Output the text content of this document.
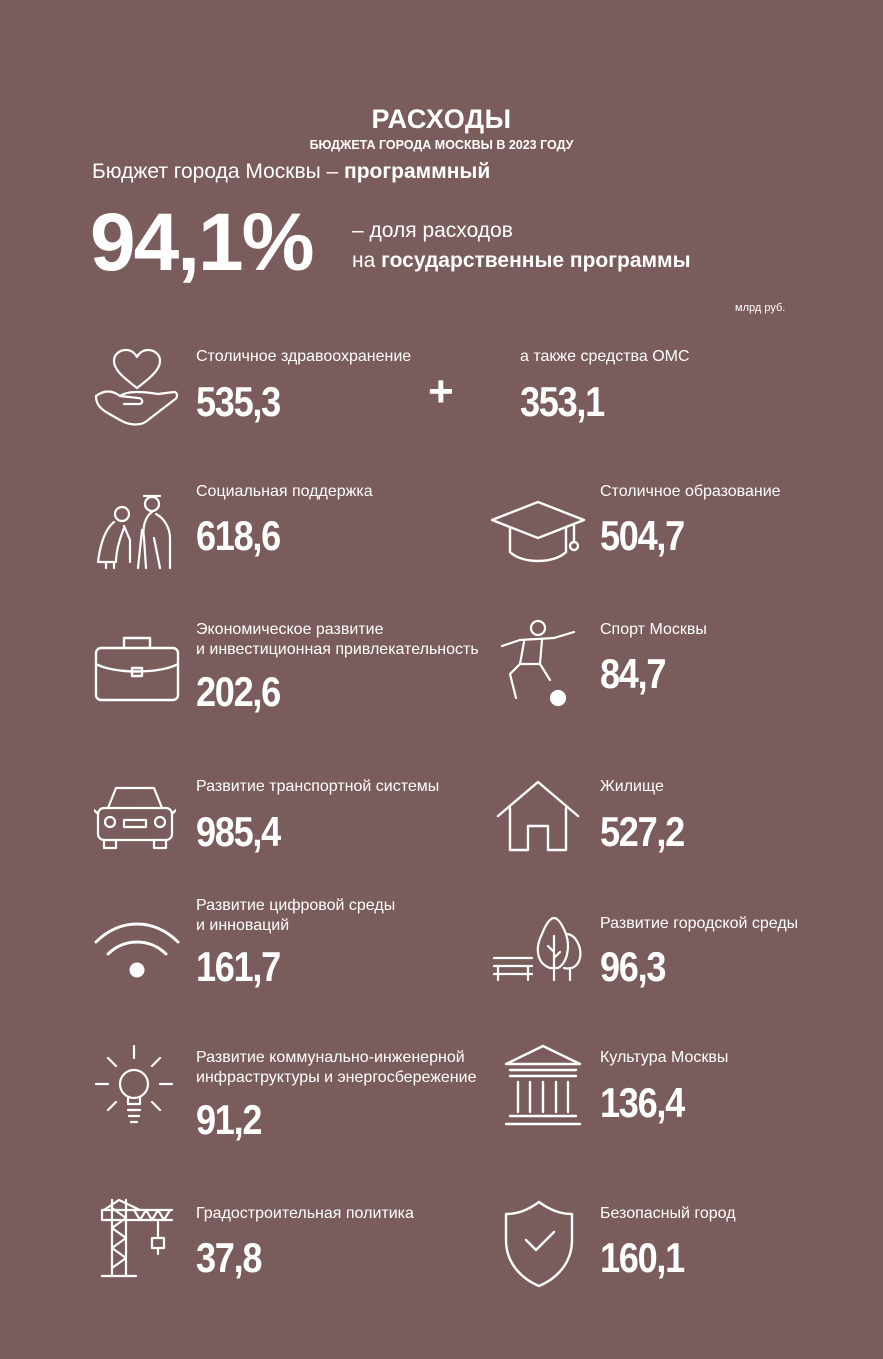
РАСХОДЫ
БЮДЖЕТА ГОРОДА МОСКВЫ В 2023 ГОДУ
Бюджет города Москвы – программный
94,1% – доля расходов
на государственные программы
млрд руб.
Столичное здравоохранение
535,3	+
а также средства ОМС
353,1
Социальная поддержка
618,6
Столичное образование
504,7
Экономическое развитие
и инвестиционная привлекательность
202,6
Спорт Москвы
84,7
Развитие транспортной системы
985,4
Жилище
527,2
Развитие цифровой среды
и инноваций
161,7
Развитие городской среды
96,3
Развитие коммунально-инженерной
инфраструктуры и энергосбережение
91,2
Культура Москвы
136,4
Градостроительная политика
37,8
Безопасный город
160,1
